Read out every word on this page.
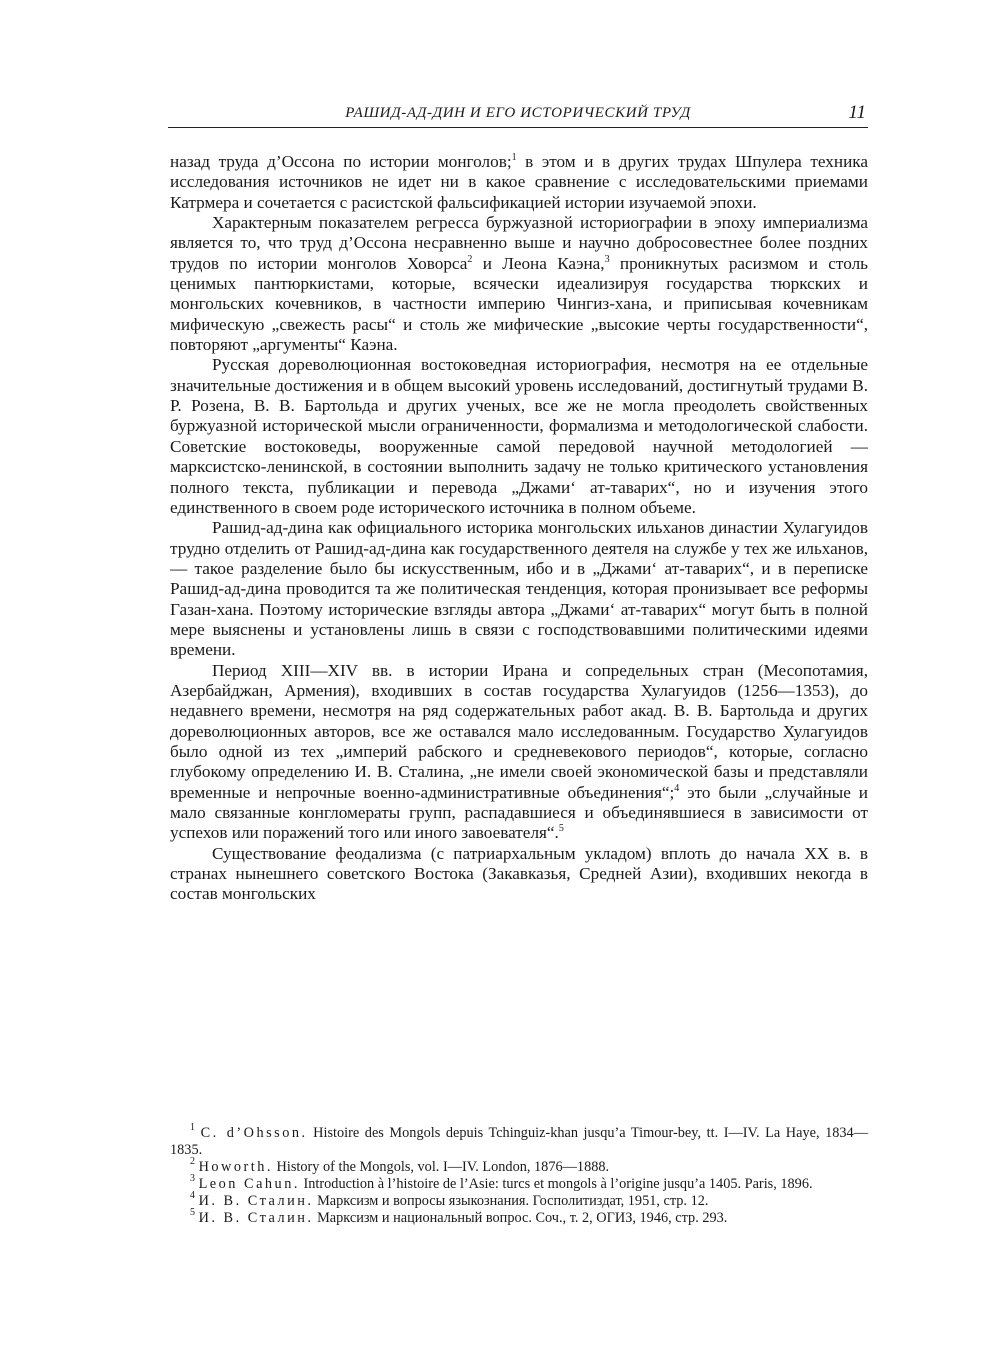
РАШИД-АД-ДИН И ЕГО ИСТОРИЧЕСКИЙ ТРУД	11

назад труда д’Оссона по истории монголов;$^1$ в этом и в других трудах Шпулера техника исследования источников не идет ни в какое сравнение с исследовательскими приемами Катрмера и сочетается с расистской фальсификацией истории изучаемой эпохи.

Характерным показателем регресса буржуазной историографии в эпоху империализма является то, что труд д’Оссона несравненно выше и научно добросовестнее более поздних трудов по истории монголов Ховорса$^2$ и Леона Каэна,$^3$ проникнутых расизмом и столь ценимых пантюркистами, которые, всячески идеализируя государства тюркских и монгольских кочевников, в частности империю Чингиз-хана, и приписывая кочевникам мифическую „свежесть расы“ и столь же мифические „высокие черты государственности“, повторяют „аргументы“ Каэна.

Русская дореволюционная востоковедная историография, несмотря на ее отдельные значительные достижения и в общем высокий уровень исследований, достигнутый трудами В. Р. Розена, В. В. Бартольда и других ученых, все же не могла преодолеть свойственных буржуазной исторической мысли ограниченности, формализма и методологической слабости. Советские востоковеды, вооруженные самой передовой научной методологией — марксистско-ленинской, в состоянии выполнить задачу не только критического установления полного текста, публикации и перевода „Джами‘ ат-таварих“, но и изучения этого единственного в своем роде исторического источника в полном объеме.

Рашид-ад-дина как официального историка монгольских ильханов династии Хулагуидов трудно отделить от Рашид-ад-дина как государственного деятеля на службе у тех же ильханов, — такое разделение было бы искусственным, ибо и в „Джами‘ ат-таварих“, и в переписке Рашид-ад-дина проводится та же политическая тенденция, которая пронизывает все реформы Газан-хана. Поэтому исторические взгляды автора „Джами‘ ат-таварих“ могут быть в полной мере выяснены и установлены лишь в связи с господствовавшими политическими идеями времени.

Период XIII—XIV вв. в истории Ирана и сопредельных стран (Месопотамия, Азербайджан, Армения), входивших в состав государства Хулагуидов (1256—1353), до недавнего времени, несмотря на ряд содержательных работ акад. В. В. Бартольда и других дореволюционных авторов, все же оставался мало исследованным. Государство Хулагуидов было одной из тех „империй рабского и средневекового периодов“, которые, согласно глубокому определению И. В. Сталина, „не имели своей экономической базы и представляли временные и непрочные военно-административные объединения“;$^4$ это были „случайные и мало связанные конгломераты групп, распадавшиеся и объединявшиеся в зависимости от успехов или поражений того или иного завоевателя“.$^5$

Существование феодализма (с патриархальным укладом) вплоть до начала XX в. в странах нынешнего советского Востока (Закавказья, Средней Азии), входивших некогда в состав монгольских

$^1$ C. d’Ohsson. Histoire des Mongols depuis Tchinguiz-khan jusqu’a Timour-bey, tt. I—IV. La Haye, 1834—1835.

$^2$ Howorth. History of the Mongols, vol. I—IV. London, 1876—1888.

$^3$ Leon Cahun. Introduction à l’histoire de l’Asie: turcs et mongols à l’origine jusqu’a 1405. Paris, 1896.

$^4$ И. В. Сталин. Марксизм и вопросы языкознания. Госполитиздат, 1951, стр. 12.

$^5$ И. В. Сталин. Марксизм и национальный вопрос. Соч., т. 2, ОГИЗ, 1946, стр. 293.
